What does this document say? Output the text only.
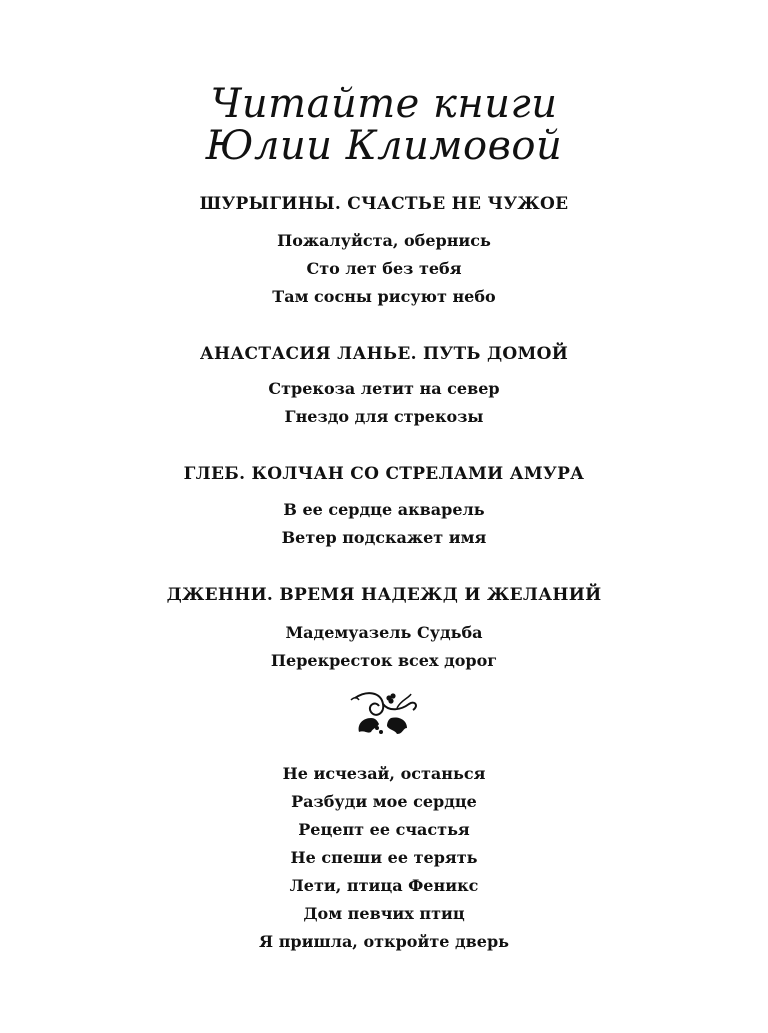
Читайте книги
Юлии Климовой
ШУРЫГИНЫ. СЧАСТЬЕ НЕ ЧУЖОЕ
Пожалуйста, обернись
Сто лет без тебя
Там сосны рисуют небо
АНАСТАСИЯ ЛАНЬЕ. ПУТЬ ДОМОЙ
Стрекоза летит на север
Гнездо для стрекозы
ГЛЕБ. КОЛЧАН СО СТРЕЛАМИ АМУРА
В ее сердце акварель
Ветер подскажет имя
ДЖЕННИ. ВРЕМЯ НАДЕЖД И ЖЕЛАНИЙ
Мадемуазель Судьба
Перекресток всех дорог
Не исчезай, останься
Разбуди мое сердце
Рецепт ее счастья
Не спеши ее терять
Лети, птица Феникс
Дом певчих птиц
Я пришла, откройте дверь
